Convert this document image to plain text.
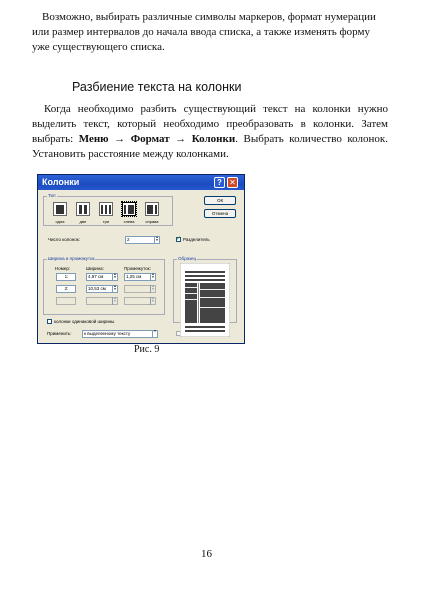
Возможно, выбирать различные символы маркеров, формат нумерации или размер интервалов до начала ввода списка, а также изменять форму уже существующего списка.

Разбиение текста на колонки

Когда необходимо разбить существующий текст на колонки нужно выделить текст, который необходимо преобразовать в колонки. Затем выбрать: Меню → Формат → Колонки. Выбрать количество колонок. Установить расстояние между колонками.

Колонки	? ✕
Тип
одна	две	три	слева	справа
ОК
Отмена
Число колонок:	2	▲
▼
✓	Разделитель
Ширина и промежуток
Номер:	Ширина:	Промежуток:
1:	4,97 см	▲
▼	1,25 см	▲
▼
2:	10,53 см	▲
▼
▲
▼
▲
▼
▲
▼
колонки одинаковой ширины
Образец
Применить:	к выделенному тексту	▼
Рис. 9
16
